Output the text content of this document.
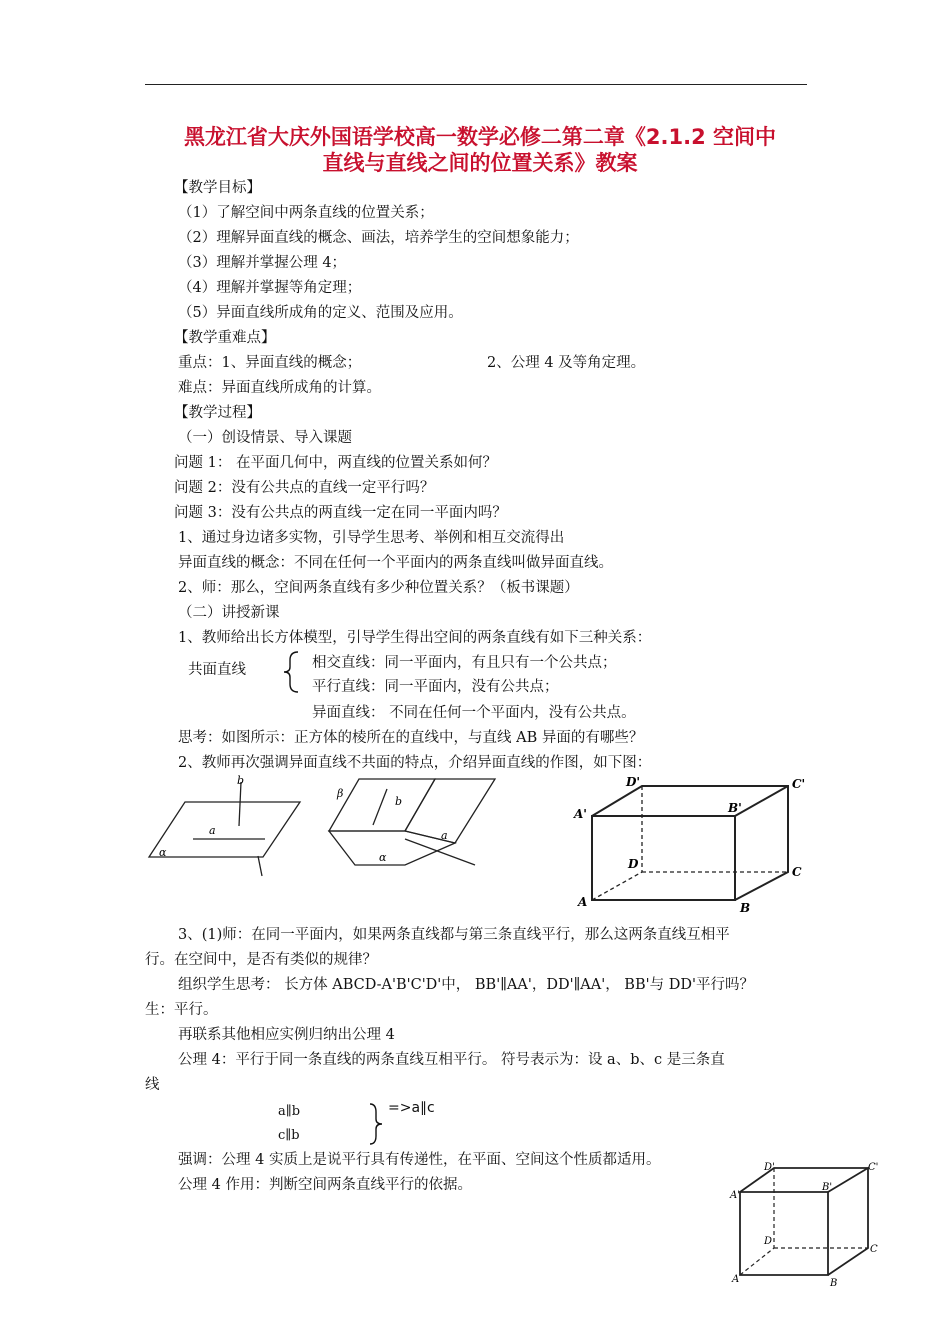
黑龙江省大庆外国语学校高一数学必修二第二章《2.1.2 空间中
直线与直线之间的位置关系》教案
【教学目标】
（1）了解空间中两条直线的位置关系；
（2）理解异面直线的概念、画法，培养学生的空间想象能力；
（3）理解并掌握公理 4；
（4）理解并掌握等角定理；
（5）异面直线所成角的定义、范围及应用。
【教学重难点】
重点：1、异面直线的概念；	2、公理 4 及等角定理。
难点：异面直线所成角的计算。
【教学过程】
（一）创设情景、导入课题
问题 1： 在平面几何中，两直线的位置关系如何？
问题 2：没有公共点的直线一定平行吗？
问题 3：没有公共点的两直线一定在同一平面内吗？
1、通过身边诸多实物，引导学生思考、举例和相互交流得出
异面直线的概念：不同在任何一个平面内的两条直线叫做异面直线。
2、师：那么，空间两条直线有多少种位置关系？（板书课题）
（二）讲授新课
1、教师给出长方体模型，引导学生得出空间的两条直线有如下三种关系：
共面直线	相交直线：同一平面内，有且只有一个公共点；
平行直线：同一平面内，没有公共点；
异面直线： 不同在任何一个平面内，没有公共点。
思考：如图所示：正方体的棱所在的直线中，与直线 AB 异面的有哪些？
2、教师再次强调异面直线不共面的特点，介绍异面直线的作图，如下图：
a
b
α
β
b
a
α
A'	B'
C'
D'
A	B
C
D
3、(1)师：在同一平面内，如果两条直线都与第三条直线平行，那么这两条直线互相平
行。在空间中，是否有类似的规律？
组织学生思考： 长方体 ABCD-A'B'C'D'中， BB'∥AA'，DD'∥AA'， BB'与 DD'平行吗？
生：平行。
再联系其他相应实例归纳出公理 4
公理 4：平行于同一条直线的两条直线互相平行。 符号表示为：设 a、b、c 是三条直
线
a∥b
c∥b
=>a∥c
强调：公理 4 实质上是说平行具有传递性，在平面、空间这个性质都适用。
公理 4 作用：判断空间两条直线平行的依据。
A'
B'
C'
D'
A	B
C
D
